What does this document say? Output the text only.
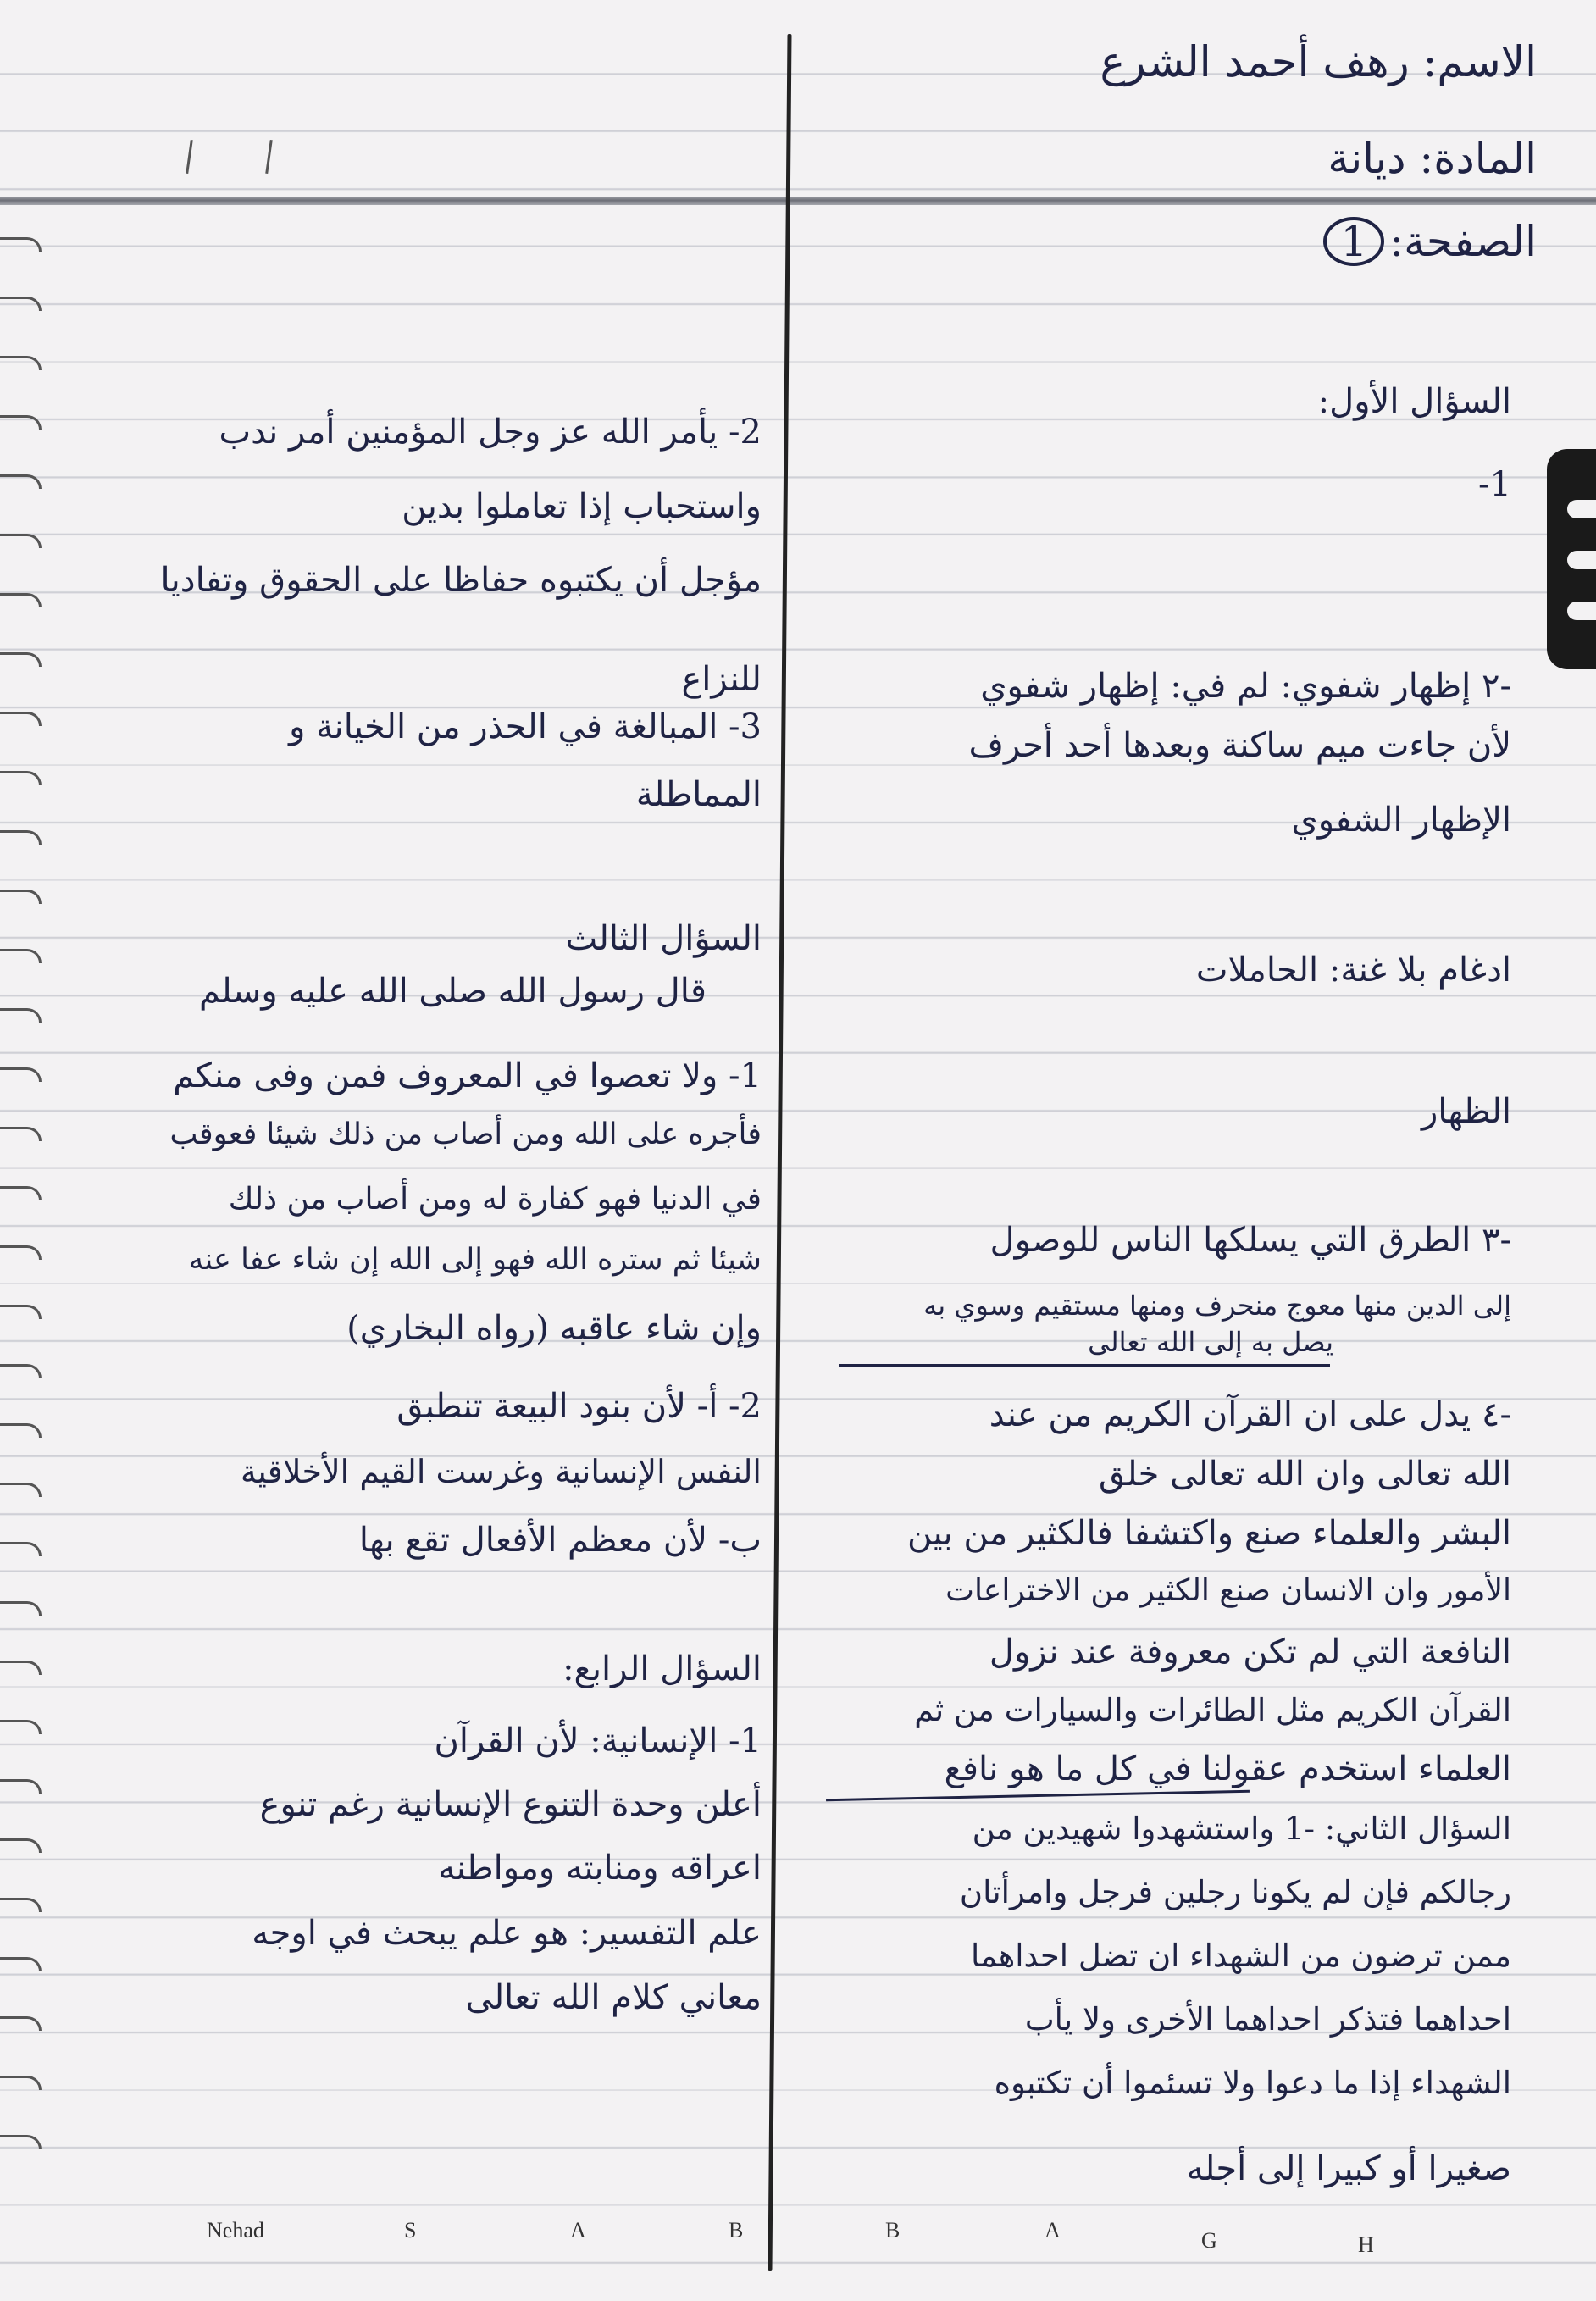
الاسم: رهف أحمد الشرع
المادة: ديانة
الصفحة:1
السؤال الأول:
-1
-٢ إظهار شفوي: لم في: إظهار شفوي
لأن جاءت ميم ساكنة وبعدها أحد أحرف
الإظهار الشفوي
ادغام بلا غنة: الحاملات
الظهار
-٣ الطرق التي يسلكها الناس للوصول
إلى الدين منها معوج منحرف ومنها مستقيم وسوي به
يصل به إلى الله تعالى
-٤ يدل على ان القرآن الكريم من عند
الله تعالى وان الله تعالى خلق
البشر والعلماء صنع واكتشفا فالكثير من بين
الأمور وان الانسان صنع الكثير من الاختراعات
النافعة التي لم تكن معروفة عند نزول
القرآن الكريم مثل الطائرات والسيارات من ثم
العلماء استخدم عقولنا في كل ما هو نافع
السؤال الثاني: -1 واستشهدوا شهيدين من
رجالكم فإن لم يكونا رجلين فرجل وامرأتان
ممن ترضون من الشهداء ان تضل احداهما
احداهما فتذكر احداهما الأخرى ولا يأب
الشهداء إذا ما دعوا ولا تسئموا أن تكتبوه
صغيرا أو كبيرا إلى أجله
2- يأمر الله عز وجل المؤمنين أمر ندب
واستحباب إذا تعاملوا بدين
مؤجل أن يكتبوه حفاظا على الحقوق وتفاديا
للنزاع
3- المبالغة في الحذر من الخيانة و
المماطلة
السؤال الثالث
قال رسول الله صلى الله عليه وسلم
1- ولا تعصوا في المعروف فمن وفى منكم
فأجره على الله ومن أصاب من ذلك شيئا فعوقب
في الدنيا فهو كفارة له ومن أصاب من ذلك
شيئا ثم ستره الله فهو إلى الله إن شاء عفا عنه
وإن شاء عاقبه (رواه البخاري)
2- أ- لأن بنود البيعة تنطبق
النفس الإنسانية وغرست القيم الأخلاقية
ب- لأن معظم الأفعال تقع بها
السؤال الرابع:
1- الإنسانية: لأن القرآن
أعلن وحدة التنوع الإنسانية رغم تنوع
اعراقه ومنابته ومواطنه
علم التفسير: هو علم يبحث في اوجه
معاني كلام الله تعالى
Nehad	S	A	B	B	A	G	H
